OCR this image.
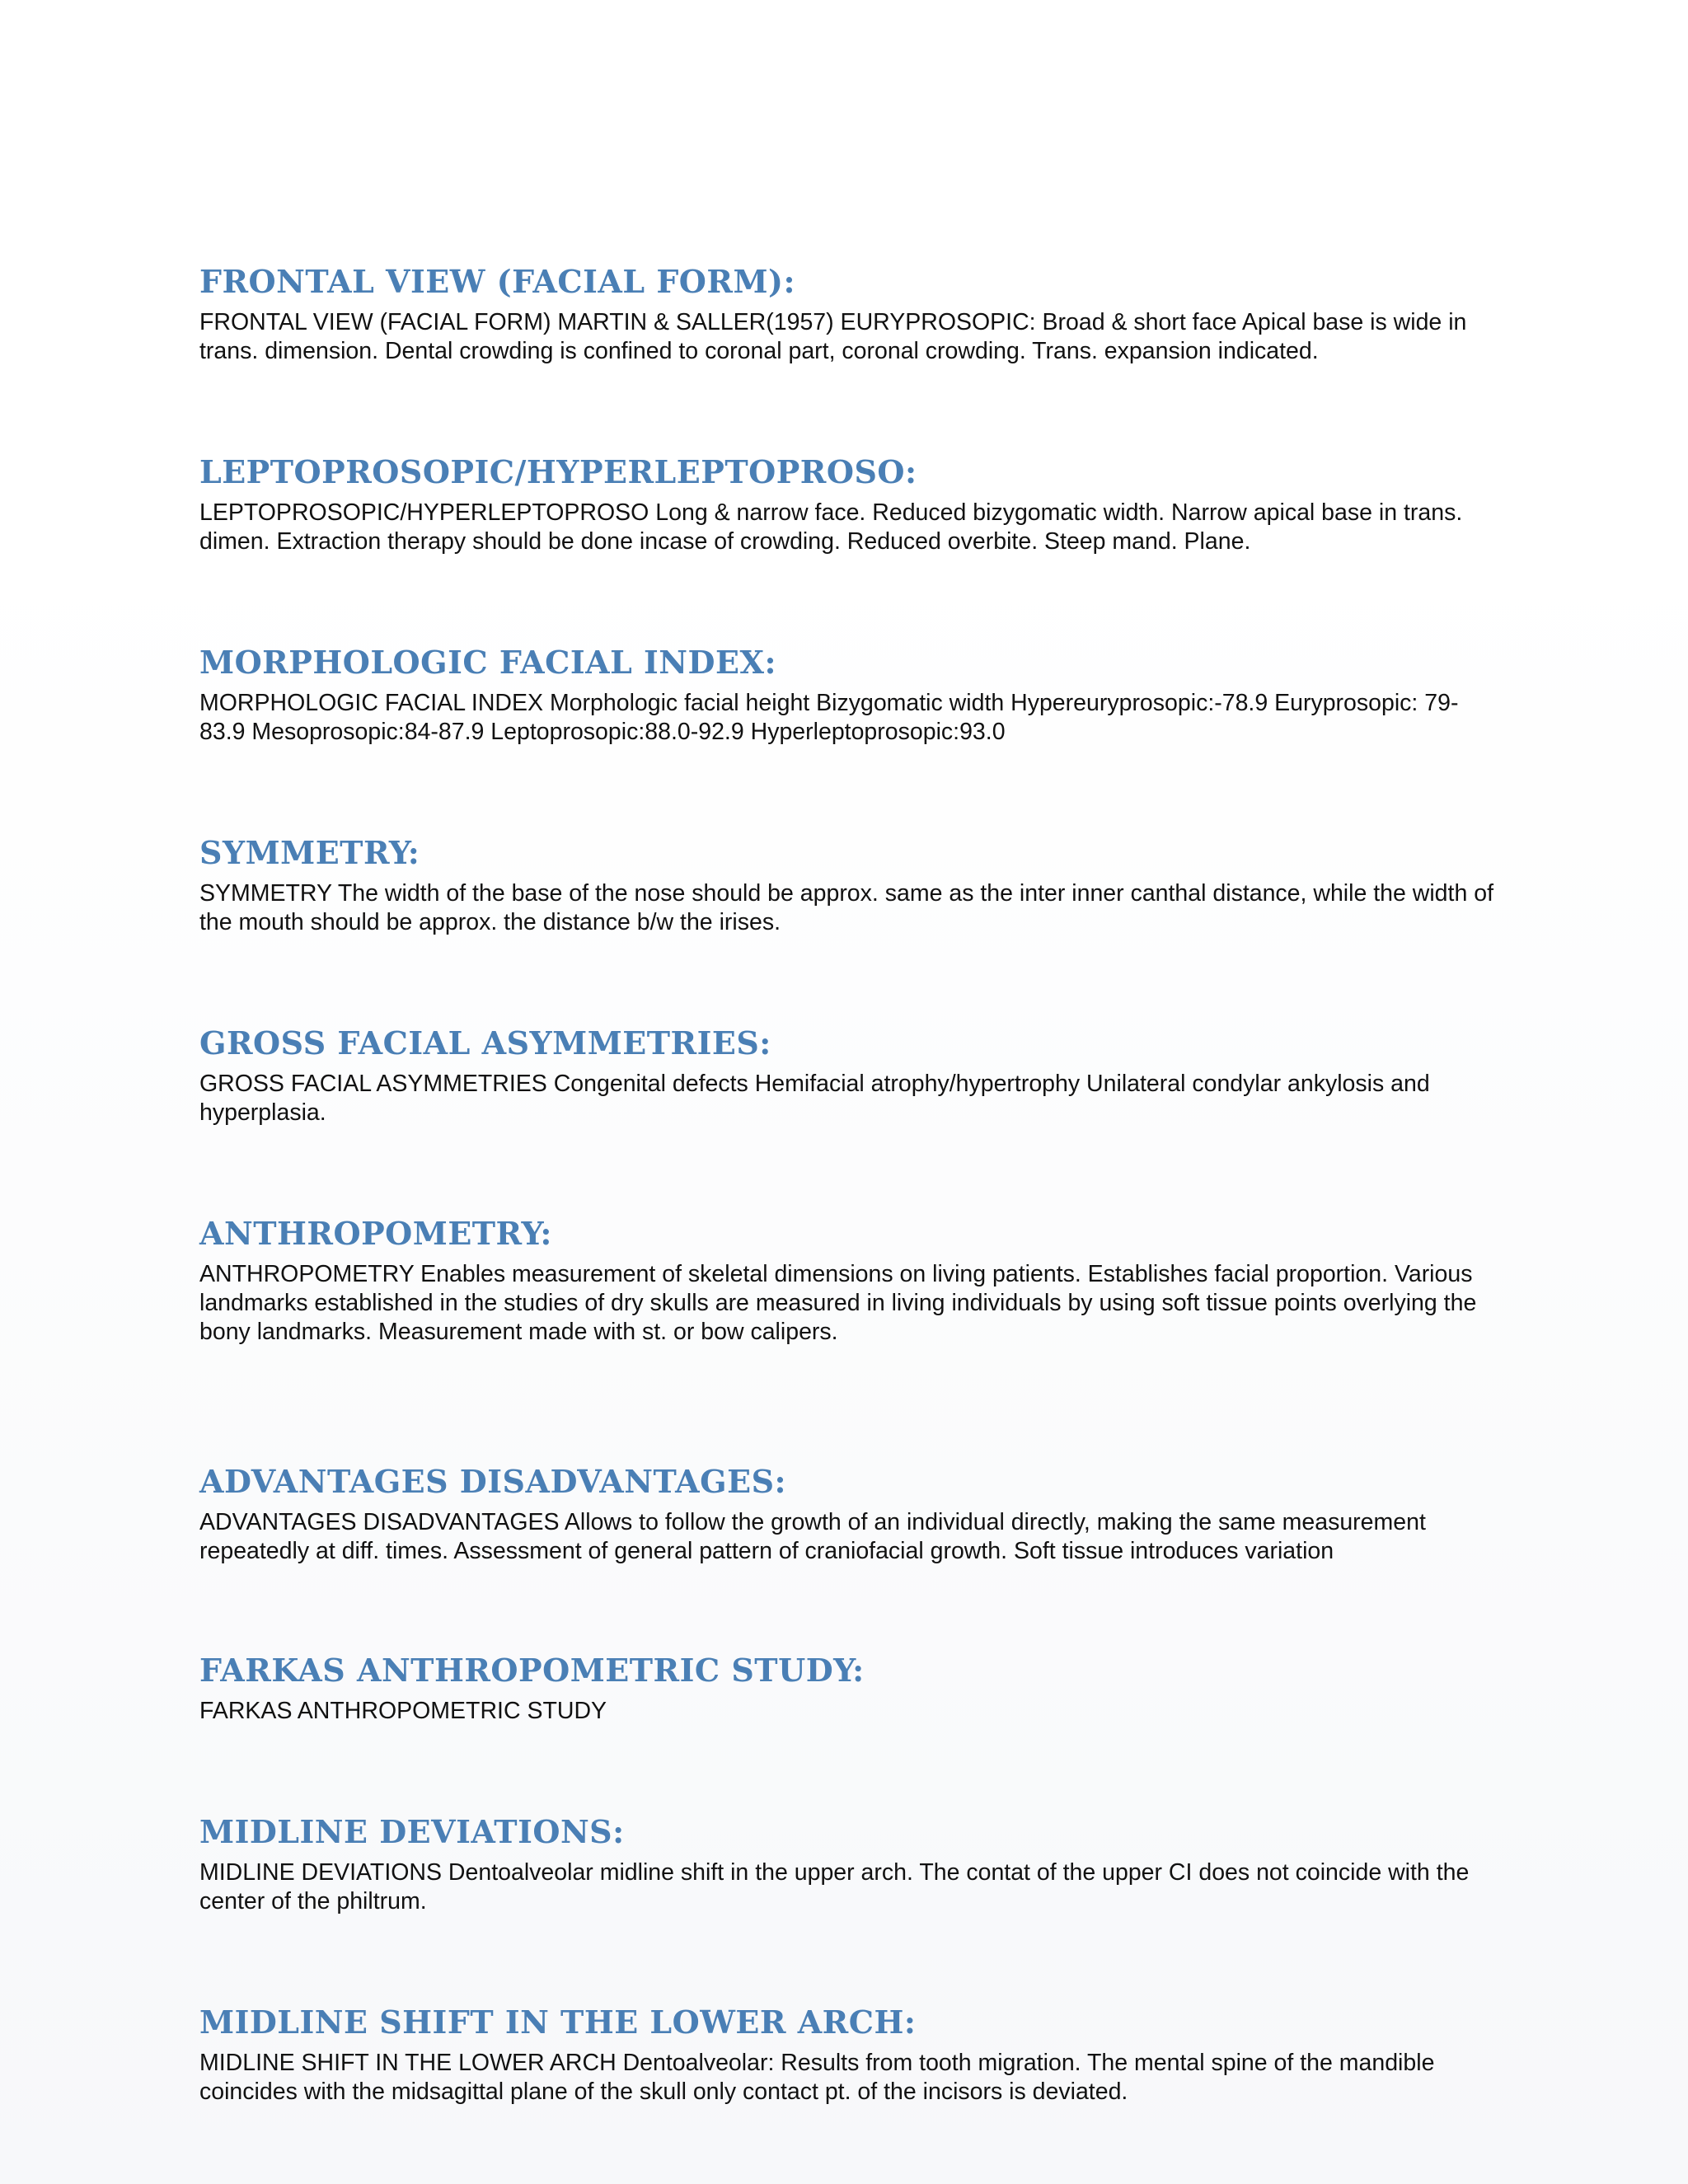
FRONTAL VIEW (FACIAL FORM):

FRONTAL VIEW (FACIAL FORM) MARTIN & SALLER(1957) EURYPROSOPIC: Broad & short face Apical base is wide in trans. dimension. Dental crowding is confined to coronal part, coronal crowding. Trans. expansion indicated.

LEPTOPROSOPIC/HYPERLEPTOPROSO:

LEPTOPROSOPIC/HYPERLEPTOPROSO Long & narrow face. Reduced bizygomatic width. Narrow apical base in trans. dimen. Extraction therapy should be done incase of crowding. Reduced overbite. Steep mand. Plane.

MORPHOLOGIC FACIAL INDEX:

MORPHOLOGIC FACIAL INDEX Morphologic facial height Bizygomatic width Hypereuryprosopic:-78.9 Euryprosopic: 79-83.9 Mesoprosopic:84-87.9 Leptoprosopic:88.0-92.9 Hyperleptoprosopic:93.0

SYMMETRY:

SYMMETRY The width of the base of the nose should be approx. same as the inter inner canthal distance, while the width of the mouth should be approx. the distance b/w the irises.

GROSS FACIAL ASYMMETRIES:

GROSS FACIAL ASYMMETRIES Congenital defects Hemifacial atrophy/hypertrophy Unilateral condylar ankylosis and hyperplasia.

ANTHROPOMETRY:

ANTHROPOMETRY Enables measurement of skeletal dimensions on living patients. Establishes facial proportion. Various landmarks established in the studies of dry skulls are measured in living individuals by using soft tissue points overlying the bony landmarks. Measurement made with st. or bow calipers.

ADVANTAGES DISADVANTAGES:

ADVANTAGES DISADVANTAGES Allows to follow the growth of an individual directly, making the same measurement repeatedly at diff. times. Assessment of general pattern of craniofacial growth. Soft tissue introduces variation

FARKAS ANTHROPOMETRIC STUDY:

FARKAS ANTHROPOMETRIC STUDY

MIDLINE DEVIATIONS:

MIDLINE DEVIATIONS Dentoalveolar midline shift in the upper arch. The contat of the upper CI does not coincide with the center of the philtrum.

MIDLINE SHIFT IN THE LOWER ARCH:

MIDLINE SHIFT IN THE LOWER ARCH Dentoalveolar: Results from tooth migration. The mental spine of the mandible coincides with the midsagittal plane of the skull only contact pt. of the incisors is deviated.
